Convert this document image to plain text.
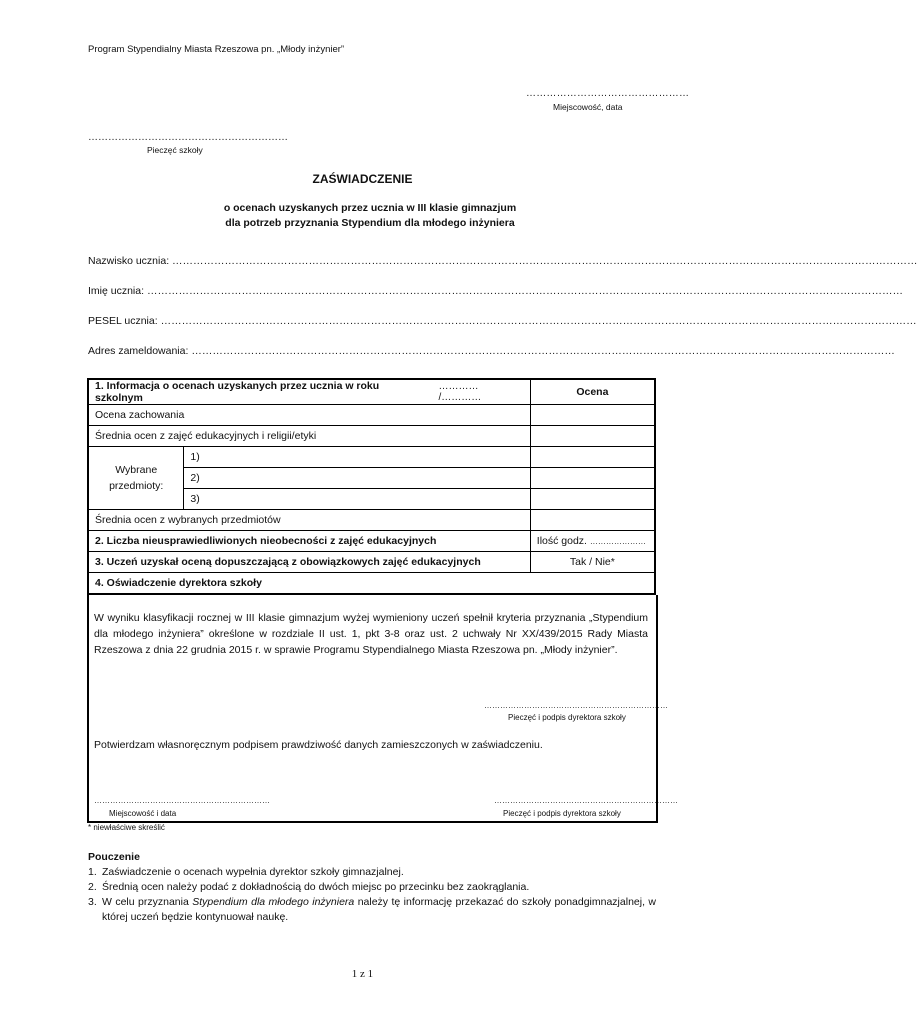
Program Stypendialny Miasta Rzeszowa pn. „Młody inżynier”
…………………………………………
Miejscowość, data
……………………………………………………
Pieczęć szkoły
ZAŚWIADCZENIE
o ocenach uzyskanych przez ucznia w III klasie gimnazjum
dla potrzeb przyznania Stypendium dla młodego inżyniera
Nazwisko ucznia: ……………………………………………………………………………………………………………………………………………………………………………………………
Imię ucznia: ………………………………………………………………………………………………………………………………………………………………………………………………
PESEL ucznia: ………………………………………………………………………………………………………………………………………………………………………………………………
Adres zameldowania: …………………………………………………………………………………………………………………………………………………………………………………
1. Informacja o ocenach uzyskanych przez ucznia w roku szkolnym		………… /…………	Ocena
Ocena zachowania			
Średnia ocen z zajęć edukacyjnych i religii/etyki			
Wybrane przedmioty:	1)		
	2)		
	3)		
Średnia ocen z wybranych przedmiotów			
2. Liczba nieusprawiedliwionych nieobecności z zajęć edukacyjnych			Ilość godz. …………………
3. Uczeń uzyskał oceną dopuszczającą z obowiązkowych zajęć edukacyjnych			Tak / Nie*
4. Oświadczenie dyrektora szkoły			
W wyniku klasyfikacji rocznej w III klasie gimnazjum wyżej wymieniony uczeń spełnił kryteria przyznania „Stypendium dla młodego inżyniera” określone w rozdziale II ust. 1, pkt 3-8 oraz ust. 2 uchwały Nr XX/439/2015 Rady Miasta Rzeszowa z dnia 22 grudnia 2015 r. w sprawie Programu Stypendialnego Miasta Rzeszowa pn. „Młody inżynier”.
……………………………………………………………
Pieczęć i podpis dyrektora szkoły
Potwierdzam własnoręcznym podpisem prawdziwość danych zamieszczonych w zaświadczeniu.
…………………………………………………………
Miejscowość i data
……………………………………………………………
Pieczęć i podpis dyrektora szkoły
* niewłaściwe skreślić
Pouczenie
1. Zaświadczenie o ocenach wypełnia dyrektor szkoły gimnazjalnej.
2. Średnią ocen należy podać z dokładnością do dwóch miejsc po przecinku bez zaokrąglania.
3. W celu przyznania Stypendium dla młodego inżyniera należy tę informację przekazać do szkoły ponadgimnazjalnej, w której uczeń będzie kontynuował naukę.
1 z 1
